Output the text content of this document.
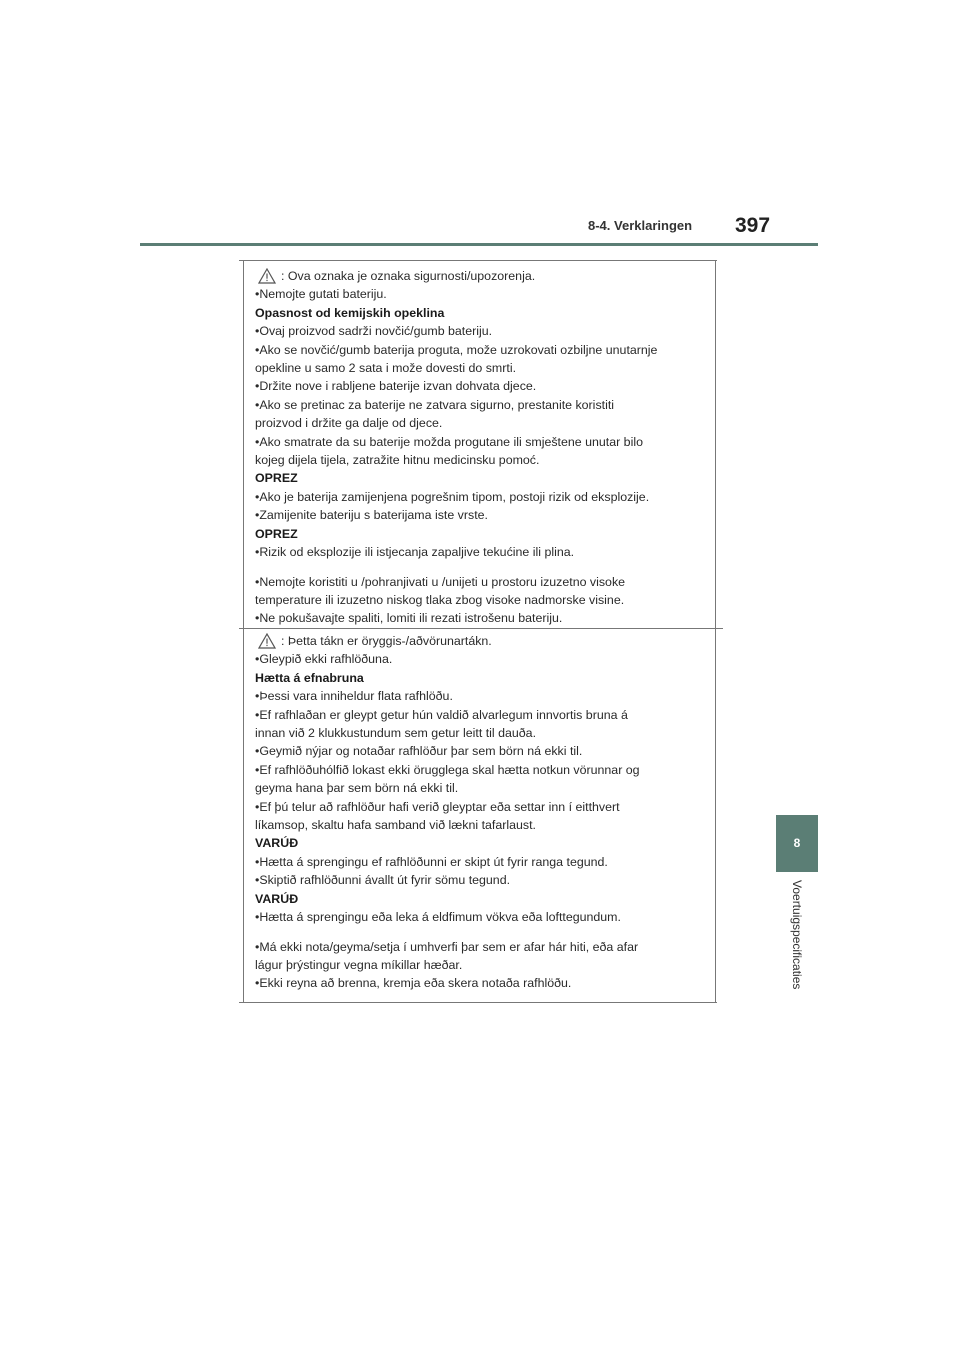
8-4. Verklaringen 397
8
Voertuigspecificaties
: Ova oznaka je oznaka sigurnosti/upozorenja.

•Nemojte gutati bateriju.

Opasnost od kemijskih opeklina

•Ovaj proizvod sadrži novčić/gumb bateriju.

•Ako se novčić/gumb baterija proguta, može uzrokovati ozbiljne unutarnje

opekline u samo 2 sata i može dovesti do smrti.

•Držite nove i rabljene baterije izvan dohvata djece.

•Ako se pretinac za baterije ne zatvara sigurno, prestanite koristiti

proizvod i držite ga dalje od djece.

•Ako smatrate da su baterije možda progutane ili smještene unutar bilo

kojeg dijela tijela, zatražite hitnu medicinsku pomoć.

OPREZ

•Ako je baterija zamijenjena pogrešnim tipom, postoji rizik od eksplozije.

•Zamijenite bateriju s baterijama iste vrste.

OPREZ

•Rizik od eksplozije ili istjecanja zapaljive tekućine ili plina.

•Nemojte koristiti u /pohranjivati u /unijeti u prostoru izuzetno visoke

temperature ili izuzetno niskog tlaka zbog visoke nadmorske visine.

•Ne pokušavajte spaliti, lomiti ili rezati istrošenu bateriju.

: Þetta tákn er öryggis-/aðvörunartákn.

•Gleypið ekki rafhlöðuna.

Hætta á efnabruna

•Þessi vara inniheldur flata rafhlöðu.

•Ef rafhlaðan er gleypt getur hún valdið alvarlegum innvortis bruna á

innan við 2 klukkustundum sem getur leitt til dauða.

•Geymið nýjar og notaðar rafhlöður þar sem börn ná ekki til.

•Ef rafhlöðuhólfið lokast ekki örugglega skal hætta notkun vörunnar og

geyma hana þar sem börn ná ekki til.

•Ef þú telur að rafhlöður hafi verið gleyptar eða settar inn í eitthvert

líkamsop, skaltu hafa samband við lækni tafarlaust.

VARÚÐ

•Hætta á sprengingu ef rafhlöðunni er skipt út fyrir ranga tegund.

•Skiptið rafhlöðunni ávallt út fyrir sömu tegund.

VARÚÐ

•Hætta á sprengingu eða leka á eldfimum vökva eða lofttegundum.

•Má ekki nota/geyma/setja í umhverfi þar sem er afar hár hiti, eða afar

lágur þrýstingur vegna míkillar hæðar.

•Ekki reyna að brenna, kremja eða skera notaða rafhlöðu.
